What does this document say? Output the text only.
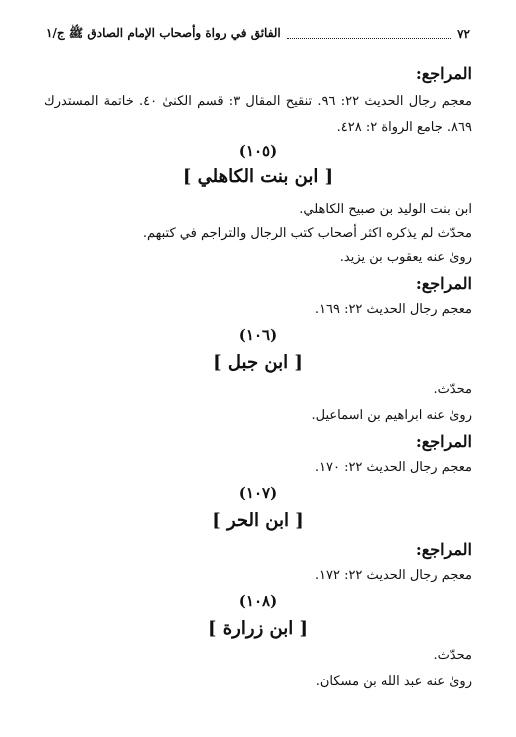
٧٢
الفائق في رواة وأصحاب الإمام الصادق ﷺ ج/١
المراجع:
معجم رجال الحديث ٢٢: ٩٦. تنقيح المقال ٣: قسم الكنىٰ ٤٠. خاتمة المستدرك
٨٦٩. جامع الرواة ٢: ٤٢٨.
(١٠٥)
[ ابن بنت الكاهلي ]
ابن بنت الوليد بن صبيح الكاهلي.
محدّث لم يذكره اكثر أصحاب كتب الرجال والتراجم في كتبهم.
روىٰ عنه يعقوب بن يزيد.
المراجع:
معجم رجال الحديث ٢٢: ١٦٩.
(١٠٦)
[ ابن جبل ]
محدّث.
روىٰ عنه ابراهيم بن اسماعيل.
المراجع:
معجم رجال الحديث ٢٢: ١٧٠.
(١٠٧)
[ ابن الحر ]
المراجع:
معجم رجال الحديث ٢٢: ١٧٢.
(١٠٨)
[ ابن زرارة ]
محدّث.
روىٰ عنه عبد الله بن مسكان.
